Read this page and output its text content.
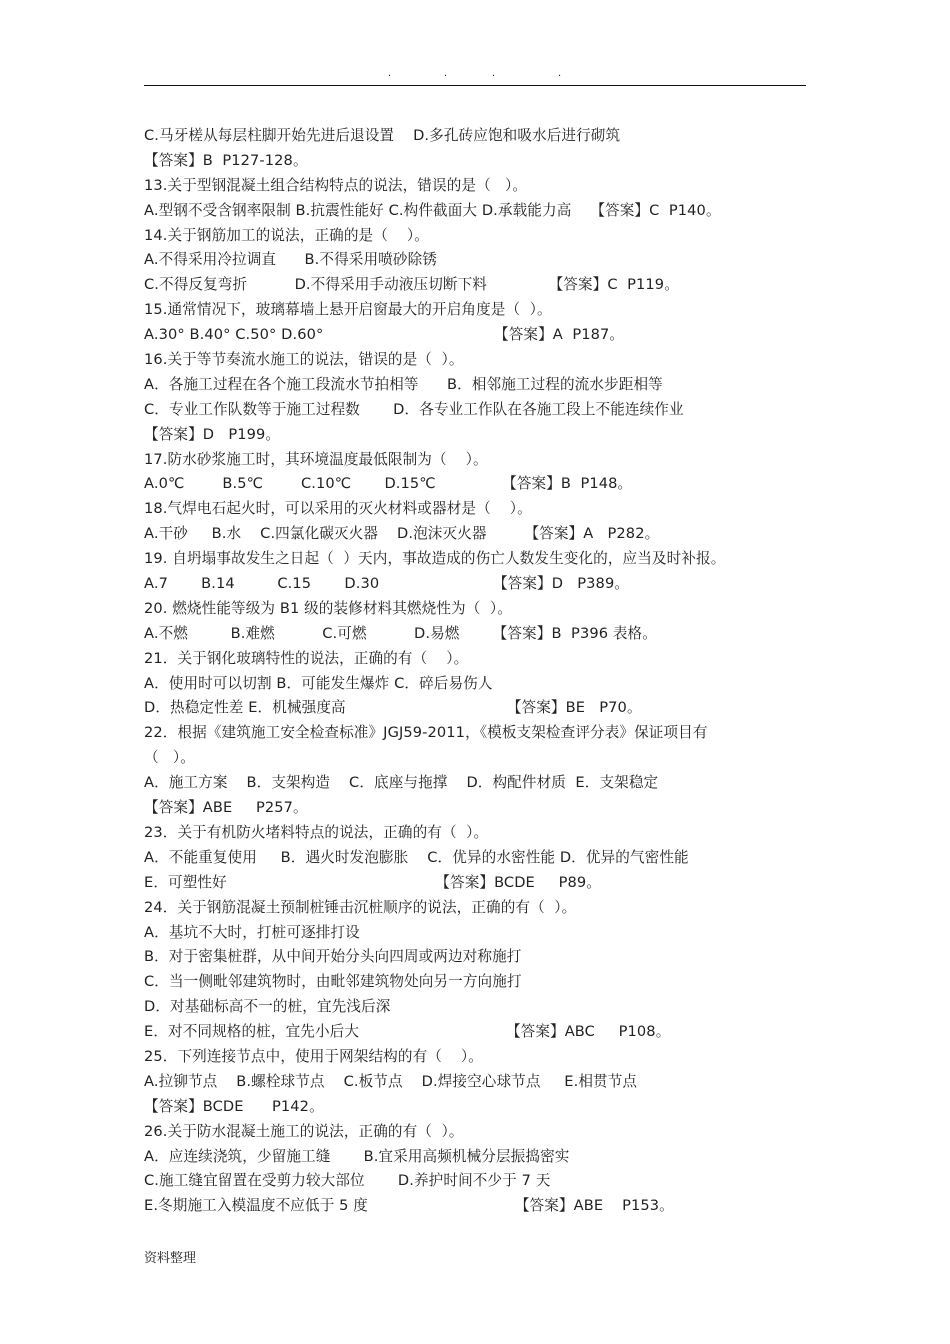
.	.	.	.
C.马牙槎从每层柱脚开始先进后退设置    D.多孔砖应饱和吸水后进行砌筑
【答案】B  P127-128。
13.关于型钢混凝土组合结构特点的说法，错误的是（   ）。
A.型钢不受含钢率限制 B.抗震性能好 C.构件截面大 D.承载能力高    【答案】C  P140。
14.关于钢筋加工的说法，正确的是（    ）。
A.不得采用冷拉调直      B.不得采用喷砂除锈
C.不得反复弯折          D.不得采用手动液压切断下料             【答案】C  P119。
15.通常情况下，玻璃幕墙上悬开启窗最大的开启角度是（  ）。
A.30° B.40° C.50° D.60°                                    【答案】A  P187。
16.关于等节奏流水施工的说法，错误的是（  ）。
A．各施工过程在各个施工段流水节拍相等      B．相邻施工过程的流水步距相等
C．专业工作队数等于施工过程数       D．各专业工作队在各施工段上不能连续作业
【答案】D   P199。
17.防水砂浆施工时，其环境温度最低限制为（    ）。
A.0℃        B.5℃        C.10℃       D.15℃              【答案】B  P148。
18.气焊电石起火时，可以采用的灭火材料或器材是（    ）。
A.干砂     B.水    C.四氯化碳灭火器    D.泡沫灭火器        【答案】A   P282。
19. 自坍塌事故发生之日起（  ）天内，事故造成的伤亡人数发生变化的，应当及时补报。
A.7       B.14         C.15       D.30                        【答案】D   P389。
20. 燃烧性能等级为 B1 级的装修材料其燃烧性为（  ）。
A.不燃         B.难燃          C.可燃          D.易燃       【答案】B  P396 表格。
21．关于钢化玻璃特性的说法，正确的有（    ）。
A．使用时可以切割 B．可能发生爆炸 C．碎后易伤人
D．热稳定性差 E．机械强度高                                  【答案】BE   P70。
22．根据《建筑施工安全检查标准》JGJ59-2011，《模板支架检查评分表》保证项目有
（   ）。
A．施工方案    B．支架构造    C．底座与拖撑    D．构配件材质  E．支架稳定
【答案】ABE     P257。
23．关于有机防火堵料特点的说法，正确的有（  ）。
A．不能重复使用     B．遇火时发泡膨胀    C．优异的水密性能 D．优异的气密性能
E．可塑性好                                            【答案】BCDE     P89。
24．关于钢筋混凝土预制桩锤击沉桩顺序的说法，正确的有（  ）。
A．基坑不大时，打桩可逐排打设
B．对于密集桩群，从中间开始分头向四周或两边对称施打
C．当一侧毗邻建筑物时，由毗邻建筑物处向另一方向施打
D．对基础标高不一的桩，宜先浅后深
E．对不同规格的桩，宜先小后大                               【答案】ABC     P108。
25．下列连接节点中，使用于网架结构的有（    ）。
A.拉铆节点    B.螺栓球节点    C.板节点    D.焊接空心球节点     E.相贯节点
【答案】BCDE      P142。
26.关于防水混凝土施工的说法，正确的有（  ）。
A．应连续浇筑，少留施工缝       B.宜采用高频机械分层振捣密实
C.施工缝宜留置在受剪力较大部位       D.养护时间不少于 7 天
E.冬期施工入模温度不应低于 5 度                               【答案】ABE    P153。
资料整理
